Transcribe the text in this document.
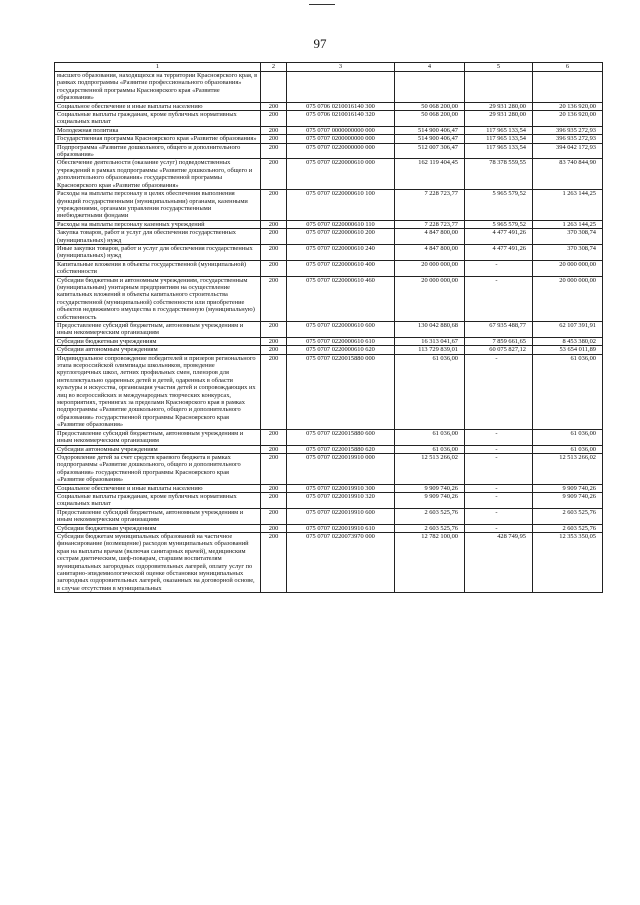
97
1	2	3	4	5	6
высшего образования, находящихся на территории Красноярского края, в рамках подпрограммы «Развитие профессионального образования» государственной программы Красноярского края «Развитие образования»					
Социальное обеспечение и иные выплаты населению	200	075 0706 0210016140 300	50 068 200,00	29 931 280,00	20 136 920,00
Социальные выплаты гражданам, кроме публичных нормативных социальных выплат	200	075 0706 0210016140 320	50 068 200,00	29 931 280,00	20 136 920,00
Молодежная политика	200	075 0707 0000000000 000	514 900 406,47	117 965 133,54	396 935 272,93
Государственная программа Красноярского края «Развитие образования»	200	075 0707 0200000000 000	514 900 406,47	117 965 133,54	396 935 272,93
Подпрограмма «Развитие дошкольного, общего и дополнительного образования»	200	075 0707 0220000000 000	512 007 306,47	117 965 133,54	394 042 172,93
Обеспечение деятельности (оказание услуг) подведомственных учреждений в рамках подпрограммы «Развитие дошкольного, общего и дополнительного образования» государственной программы Красноярского края «Развитие образования»	200	075 0707 0220000610 000	162 119 404,45	78 378 559,55	83 740 844,90
Расходы на выплаты персоналу в целях обеспечения выполнения функций государственными (муниципальными) органами, казенными учреждениями, органами управления государственными внебюджетными фондами	200	075 0707 0220000610 100	7 228 723,77	5 965 579,52	1 263 144,25
Расходы на выплаты персоналу казенных учреждений	200	075 0707 0220000610 110	7 228 723,77	5 965 579,52	1 263 144,25
Закупка товаров, работ и услуг для обеспечения государственных (муниципальных) нужд	200	075 0707 0220000610 200	4 847 800,00	4 477 491,26	370 308,74
Иные закупки товаров, работ и услуг для обеспечения государственных (муниципальных) нужд	200	075 0707 0220000610 240	4 847 800,00	4 477 491,26	370 308,74
Капитальные вложения в объекты государственной (муниципальной) собственности	200	075 0707 0220000610 400	20 000 000,00	-	20 000 000,00
Субсидии бюджетным и автономным учреждениям, государственным (муниципальным) унитарным предприятиям на осуществление капитальных вложений в объекты капитального строительства государственной (муниципальной) собственности или приобретение объектов недвижимого имущества в государственную (муниципальную) собственность	200	075 0707 0220000610 460	20 000 000,00	-	20 000 000,00
Предоставление субсидий бюджетным, автономным учреждениям и иным некоммерческим организациям	200	075 0707 0220000610 600	130 042 880,68	67 935 488,77	62 107 391,91
Субсидии бюджетным учреждениям	200	075 0707 0220000610 610	16 313 041,67	7 859 661,65	8 453 380,02
Субсидии автономным учреждениям	200	075 0707 0220000610 620	113 729 839,01	60 075 827,12	53 654 011,89
Индивидуальное сопровождение победителей и призеров регионального этапа всероссийской олимпиады школьников, проведение круглогодичных школ, летних профильных смен, пленэров для интеллектуально одаренных детей и детей, одаренных в области культуры и искусства, организация участия детей и сопровождающих их лиц во всероссийских и международных творческих конкурсах, мероприятиях, тренингах за пределами Красноярского края в рамках подпрограммы «Развитие дошкольного, общего и дополнительного образования» государственной программы Красноярского края «Развитие образования»	200	075 0707 0220015880 000	61 036,00	-	61 036,00
Предоставление субсидий бюджетным, автономным учреждениям и иным некоммерческим организациям	200	075 0707 0220015880 600	61 036,00	-	61 036,00
Субсидии автономным учреждениям	200	075 0707 0220015880 620	61 036,00	-	61 036,00
Оздоровление детей за счет средств краевого бюджета в рамках подпрограммы «Развитие дошкольного, общего и дополнительного образования» государственной программы Красноярского края «Развитие образования»	200	075 0707 0220019910 000	12 513 266,02	-	12 513 266,02
Социальное обеспечение и иные выплаты населению	200	075 0707 0220019910 300	9 909 740,26	-	9 909 740,26
Социальные выплаты гражданам, кроме публичных нормативных социальных выплат	200	075 0707 0220019910 320	9 909 740,26	-	9 909 740,26
Предоставление субсидий бюджетным, автономным учреждениям и иным некоммерческим организациям	200	075 0707 0220019910 600	2 603 525,76	-	2 603 525,76
Субсидии бюджетным учреждениям	200	075 0707 0220019910 610	2 603 525,76	-	2 603 525,76
Субсидии бюджетам муниципальных образований на частичное финансирование (возмещение) расходов муниципальных образований края на выплаты врачам (включая санитарных врачей), медицинским сестрам диетическим, шеф-поварам, старшим воспитателям муниципальных загородных оздоровительных лагерей, оплату услуг по санитарно-эпидемиологической оценке обстановки муниципальных загородных оздоровительных лагерей, оказанных на договорной основе, в случае отсутствия в муниципальных	200	075 0707 0220073970 000	12 782 100,00	428 749,95	12 353 350,05
